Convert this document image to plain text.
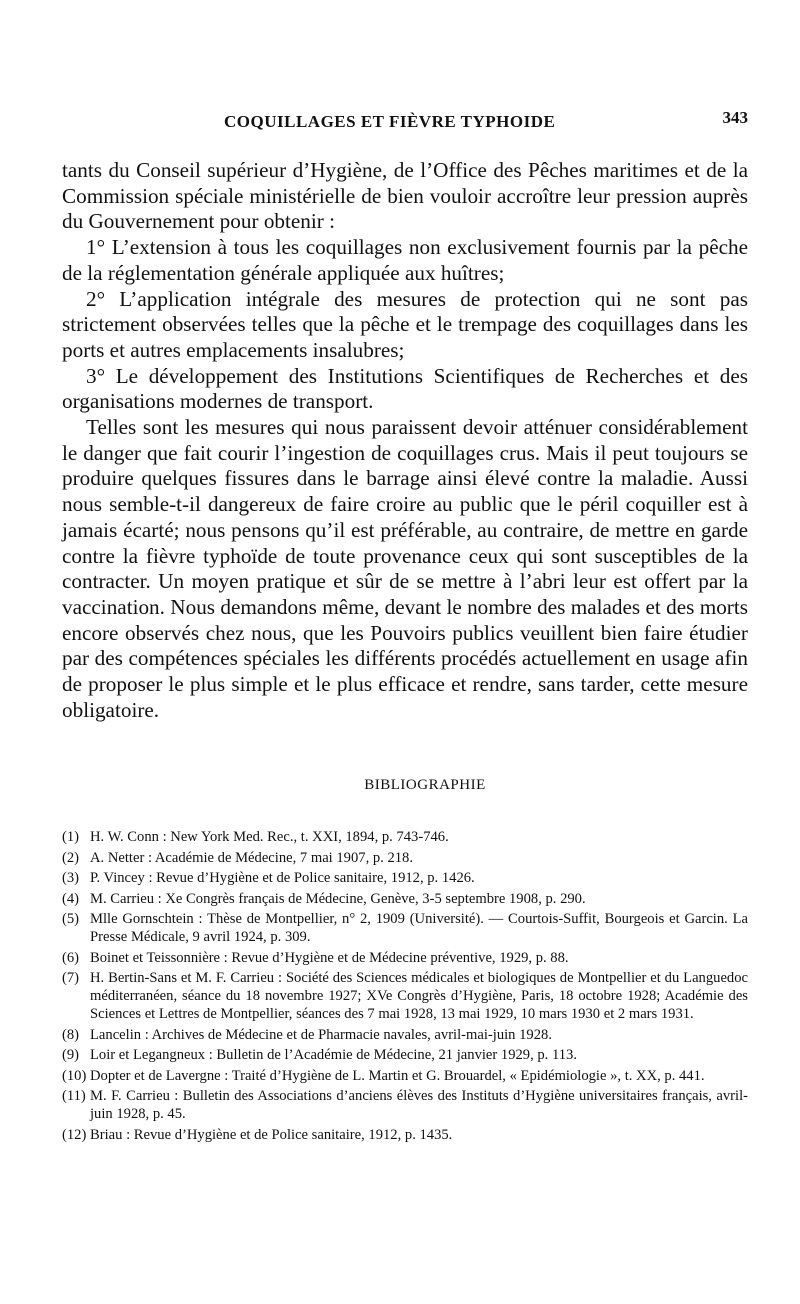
COQUILLAGES ET FIÈVRE TYPHOIDE	343

tants du Conseil supérieur d’Hygiène, de l’Office des Pêches maritimes et de la Commission spéciale ministérielle de bien vouloir accroître leur pression auprès du Gouvernement pour obtenir :

1° L’extension à tous les coquillages non exclusivement fournis par la pêche de la réglementation générale appliquée aux huîtres;

2° L’application intégrale des mesures de protection qui ne sont pas strictement observées telles que la pêche et le trempage des coquillages dans les ports et autres emplacements insalubres;

3° Le développement des Institutions Scientifiques de Recherches et des organisations modernes de transport.

Telles sont les mesures qui nous paraissent devoir atténuer considérablement le danger que fait courir l’ingestion de coquillages crus. Mais il peut toujours se produire quelques fissures dans le barrage ainsi élevé contre la maladie. Aussi nous semble-t-il dangereux de faire croire au public que le péril coquiller est à jamais écarté; nous pensons qu’il est préférable, au contraire, de mettre en garde contre la fièvre typhoïde de toute provenance ceux qui sont susceptibles de la contracter. Un moyen pratique et sûr de se mettre à l’abri leur est offert par la vaccination. Nous demandons même, devant le nombre des malades et des morts encore observés chez nous, que les Pouvoirs publics veuillent bien faire étudier par des compétences spéciales les différents procédés actuellement en usage afin de proposer le plus simple et le plus efficace et rendre, sans tarder, cette mesure obligatoire.

BIBLIOGRAPHIE
(1) H. W. Conn : New York Med. Rec., t. XXI, 1894, p. 743-746.
(2) A. Netter : Académie de Médecine, 7 mai 1907, p. 218.
(3) P. Vincey : Revue d’Hygiène et de Police sanitaire, 1912, p. 1426.
(4) M. Carrieu : Xe Congrès français de Médecine, Genève, 3-5 septembre 1908, p. 290.
(5) Mlle Gornschtein : Thèse de Montpellier, n° 2, 1909 (Université). — Courtois-Suffit, Bourgeois et Garcin. La Presse Médicale, 9 avril 1924, p. 309.
(6) Boinet et Teissonnière : Revue d’Hygiène et de Médecine préventive, 1929, p. 88.
(7) H. Bertin-Sans et M. F. Carrieu : Société des Sciences médicales et biologiques de Montpellier et du Languedoc méditerranéen, séance du 18 novembre 1927; XVe Congrès d’Hygiène, Paris, 18 octobre 1928; Académie des Sciences et Lettres de Montpellier, séances des 7 mai 1928, 13 mai 1929, 10 mars 1930 et 2 mars 1931.
(8) Lancelin : Archives de Médecine et de Pharmacie navales, avril-mai-juin 1928.
(9) Loir et Legangneux : Bulletin de l’Académie de Médecine, 21 janvier 1929, p. 113.
(10) Dopter et de Lavergne : Traité d’Hygiène de L. Martin et G. Brouardel, « Epidémiologie », t. XX, p. 441.
(11) M. F. Carrieu : Bulletin des Associations d’anciens élèves des Instituts d’Hygiène universitaires français, avril-juin 1928, p. 45.
(12) Briau : Revue d’Hygiène et de Police sanitaire, 1912, p. 1435.
